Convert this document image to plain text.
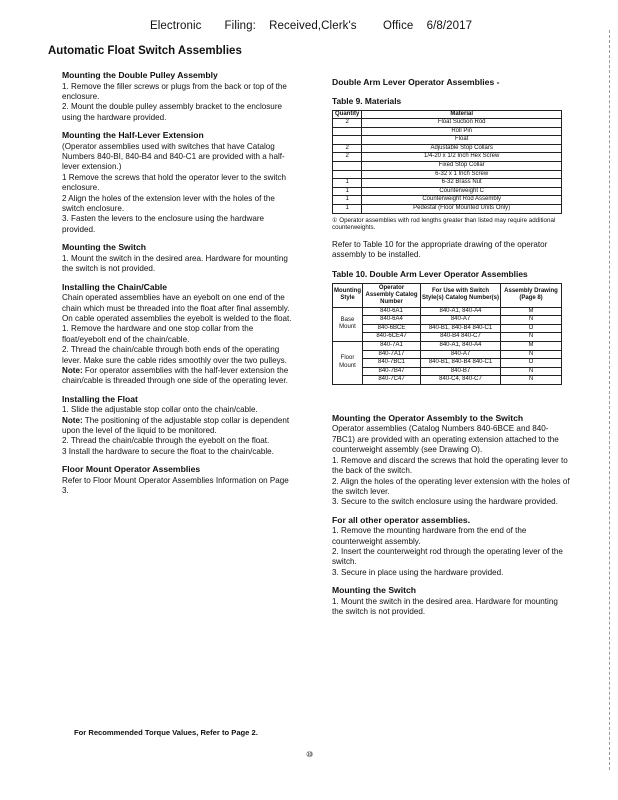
Electronic       Filing:    Received,Clerk's        Office    6/8/2017
Automatic Float Switch Assemblies
Mounting the Double Pulley Assembly

1. Remove the filler screws or plugs from the back or top of the enclosure.
2. Mount the double pulley assembly bracket to the enclosure using the hardware provided.

Mounting the Half-Lever Extension

(Operator assemblies used with switches that have Catalog Numbers 840-BI, 840-B4 and 840-C1 are provided with a half-lever extension.)
1 Remove the screws that hold the operator lever to the switch enclosure.
2 Align the holes of the extension lever with the holes of the switch enclosure.
3. Fasten the levers to the enclosure using the hardware provided.

Mounting the Switch

1. Mount the switch in the desired area. Hardware for mounting the switch is not provided.

Installing the Chain/Cable

Chain operated assemblies have an eyebolt on one end of the chain which must be threaded into the float after final assembly. On cable operated assemblies the eyebolt is welded to the float.
1. Remove the hardware and one stop collar from the float/eyebolt end of the chain/cable.
2. Thread the chain/cable through both ends of the operating lever. Make sure the cable rides smoothly over the two pulleys.
Note: For operator assemblies with the half-lever extension the chain/cable is threaded through one side of the operating lever.

Installing the Float

1. Slide the adjustable stop collar onto the chain/cable.
Note: The positioning of the adjustable stop collar is dependent upon the level of the liquid to be monitored.
2. Thread the chain/cable through the eyebolt on the float.
3 Install the hardware to secure the float to the chain/cable.

Floor Mount Operator Assemblies

Refer to Floor Mount Operator Assemblies Information on Page 3.

Double Arm Lever Operator Assemblies -
Table 9. Materials
Quantity	Material
2	Float Suction Rod
	Roll Pin
	Float
2	Adjustable Stop Collars
2	1/4-20 x 1/2 Inch Hex Screw
	Fixed Stop Collar
	6-32 x 1 Inch Screw
1	6-32 Brass Nut
1	Counterweight C
1	Counterweight Rod Assembly
1	Pedestal (Floor Mounted Units Only)

① Operator assemblies with rod lengths greater than listed may require additional counterweights.

Refer to Table 10 for the appropriate drawing of the operator assembly to be installed.

Table 10. Double Arm Lever Operator Assemblies
Mounting Style	Operator Assembly Catalog Number	For Use with Switch Style(s) Catalog Number(s)	Assembly Drawing (Page 8)
Base Mount	840-6A1	840-A1, 840-A4	M
	840-6A4	840-A7	N
	840-6BCE	840-B1, 840-B4 840-C1	O
	840-6CE47	840-B4 840-C7	N
Floor Mount	840-7A1	840-A1, 840-A4	M
	840-7A17	840-A7	N
	840-7BC1	840-B1, 840-B4 840-C1	O
	840-7B47	840-B7	N
	840-7C47	840-C4, 840-C7	N
Mounting the Operator Assembly to the Switch

Operator assemblies (Catalog Numbers 840-6BCE and 840-7BC1) are provided with an operating extension attached to the counterweight assembly (see Drawing O).
1. Remove and discard the screws that hold the operating lever to the back of the switch.
2. Align the holes of the operating lever extension with the holes of the switch lever.
3. Secure to the switch enclosure using the hardware provided.

For all other operator assemblies.

1. Remove the mounting hardware from the end of the counterweight assembly.
2. Insert the counterweight rod through the operating lever of the switch.
3. Secure in place using the hardware provided.

Mounting the Switch

1. Mount the switch in the desired area. Hardware for mounting the switch is not provided.

For Recommended Torque Values, Refer to Page 2.
⑩
